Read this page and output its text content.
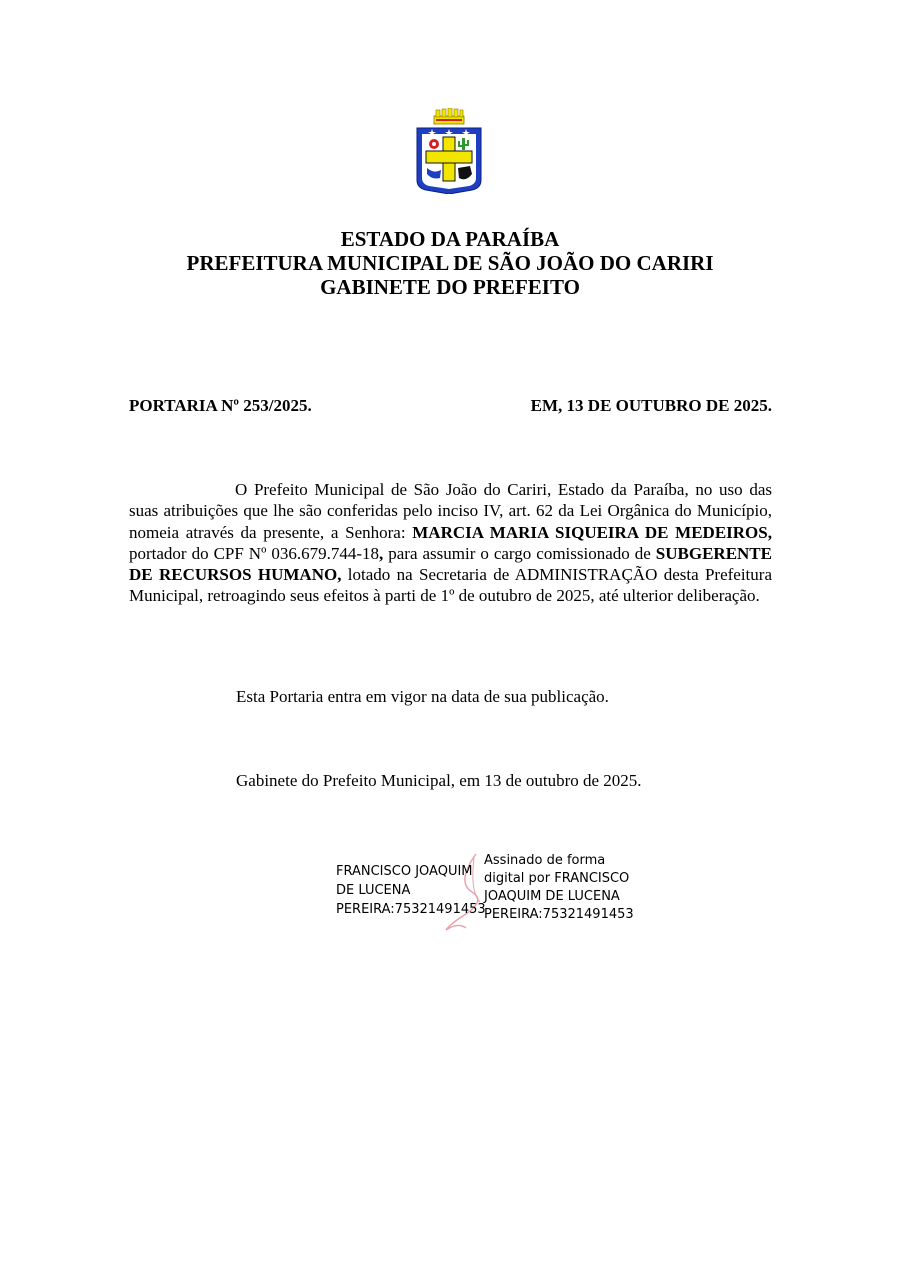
ESTADO DA PARAÍBA
PREFEITURA MUNICIPAL DE SÃO JOÃO DO CARIRI
GABINETE DO PREFEITO
PORTARIA Nº 253/2025.	EM, 13 DE OUTUBRO DE 2025.
O Prefeito Municipal de São João do Cariri, Estado da Paraíba, no uso das suas atribuições que lhe são conferidas pelo inciso IV, art. 62 da Lei Orgânica do Município, nomeia através da presente, a Senhora: MARCIA MARIA SIQUEIRA DE MEDEIROS, portador do CPF Nº 036.679.744-18, para assumir o cargo comissionado de SUBGERENTE DE RECURSOS HUMANO, lotado na Secretaria de ADMINISTRAÇÃO desta Prefeitura Municipal, retroagindo seus efeitos à parti de 1º de outubro de 2025, até ulterior deliberação.
Esta Portaria entra em vigor na data de sua publicação.
Gabinete do Prefeito Municipal, em 13 de outubro de 2025.
FRANCISCO JOAQUIM
DE LUCENA
PEREIRA:75321491453
Assinado de forma
digital por FRANCISCO
JOAQUIM DE LUCENA
PEREIRA:75321491453
